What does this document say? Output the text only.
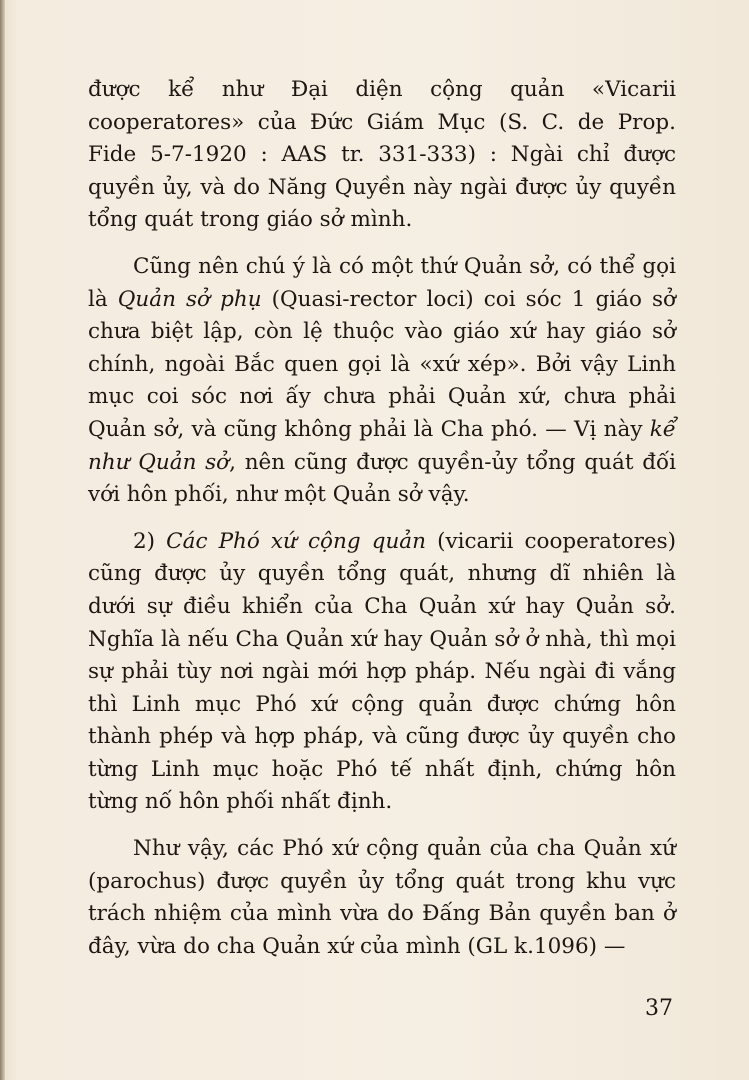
được kể như Đại diện cộng quản «Vicarii cooperatores» của Đức Giám Mục (S. C. de Prop. Fide 5-7-1920 : AAS tr. 331-333) : Ngài chỉ được quyền ủy, và do Năng Quyền này ngài được ủy quyền tổng quát trong giáo sở mình.

Cũng nên chú ý là có một thứ Quản sở, có thể gọi là Quản sở phụ (Quasi-rector loci) coi sóc 1 giáo sở chưa biệt lập, còn lệ thuộc vào giáo xứ hay giáo sở chính, ngoài Bắc quen gọi là «xứ xép». Bởi vậy Linh mục coi sóc nơi ấy chưa phải Quản xứ, chưa phải Quản sở, và cũng không phải là Cha phó. — Vị này kể như Quản sở, nên cũng được quyền-ủy tổng quát đối với hôn phối, như một Quản sở vậy.

2) Các Phó xứ cộng quản (vicarii cooperatores) cũng được ủy quyền tổng quát, nhưng dĩ nhiên là dưới sự điều khiển của Cha Quản xứ hay Quản sở. Nghĩa là nếu Cha Quản xứ hay Quản sở ở nhà, thì mọi sự phải tùy nơi ngài mới hợp pháp. Nếu ngài đi vắng thì Linh mục Phó xứ cộng quản được chứng hôn thành phép và hợp pháp, và cũng được ủy quyền cho từng Linh mục hoặc Phó tế nhất định, chứng hôn từng nố hôn phối nhất định.

Như vậy, các Phó xứ cộng quản của cha Quản xứ (parochus) được quyền ủy tổng quát trong khu vực trách nhiệm của mình vừa do Đấng Bản quyền ban ở đây, vừa do cha Quản xứ của mình (GL k.1096) —

37
